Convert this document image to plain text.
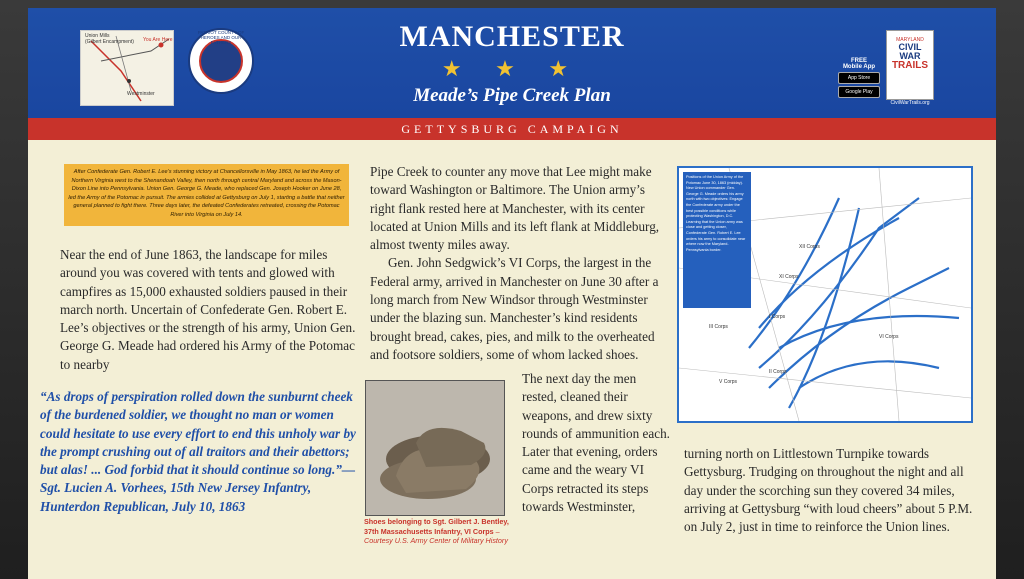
Union Mills
(Gilbert Encampment) You Are Here
Westminster
PATRIOT COUNTY OF HEROES AND OUR FATHERS	MANCHESTER
★ ★ ★
Meade’s Pipe Creek Plan
FREE
Mobile App
App Store
Google Play
MARYLAND
CIVIL WAR
TRAILS
CivilWarTrails.org
GETTYSBURG CAMPAIGN
After Confederate Gen. Robert E. Lee’s stunning victory at Chancellorsville in May 1863, he led the Army of Northern Virginia west to the Shenandoah Valley, then north through central Maryland and across the Mason-Dixon Line into Pennsylvania. Union Gen. George G. Meade, who replaced Gen. Joseph Hooker on June 28, led the Army of the Potomac in pursuit. The armies collided at Gettysburg on July 1, starting a battle that neither general planned to fight there. Three days later, the defeated Confederates retreated, crossing the Potomac River into Virginia on July 14.
Near the end of June 1863, the landscape for miles around you was covered with tents and glowed with campfires as 15,000 exhausted soldiers paused in their march north. Uncertain of Confederate Gen. Robert E. Lee’s objectives or the strength of his army, Union Gen. George G. Meade had ordered his Army of the Potomac to nearby
“As drops of perspiration rolled down the sunburnt cheek of the burdened soldier, we thought no man or women could hesitate to use every effort to end this unholy war by the prompt crushing out of all traitors and their abettors; but alas! ... God forbid that it should continue so long.”—Sgt. Lucien A. Vorhees, 15th New Jersey Infantry, Hunterdon Republican, July 10, 1863
Pipe Creek to counter any move that Lee might make toward Washington or Baltimore. The Union army’s right flank rested here at Manchester, with its center located at Union Mills and its left flank at Middleburg, almost twenty miles away.
Gen. John Sedgwick’s VI Corps, the largest in the Federal army, arrived in Manchester on June 30 after a long march from New Windsor through Westminster under the blazing sun. Manchester’s kind residents brought bread, cakes, pies, and milk to the overheated and footsore soldiers, some of whom lacked shoes.
The next day the men rested, cleaned their weapons, and drew sixty rounds of ammunition each. Later that evening, orders came and the weary VI Corps retracted its steps towards Westminster,
Shoes belonging to Sgt. Gilbert J. Bentley, 37th Massachusetts Infantry, VI Corps – Courtesy U.S. Army Center of Military History
I Corps
XI Corps
III Corps
XII Corps
II Corps
V Corps
VI Corps
Positions of the Union Army of the Potomac June 30, 1863 (midday). New Union commander Gen. George G. Meade orders his army north with two objectives: Engage the Confederate army under the best possible conditions while protecting Washington, D.C. Learning that the Union army was close and getting closer, Confederate Gen. Robert E. Lee orders his army to consolidate near where now the Maryland-Pennsylvania border.
turning north on Littlestown Turnpike towards Gettysburg. Trudging on throughout the night and all day under the scorching sun they covered 34 miles, arriving at Gettysburg “with loud cheers” about 5 P.M. on July 2, just in time to reinforce the Union lines.
